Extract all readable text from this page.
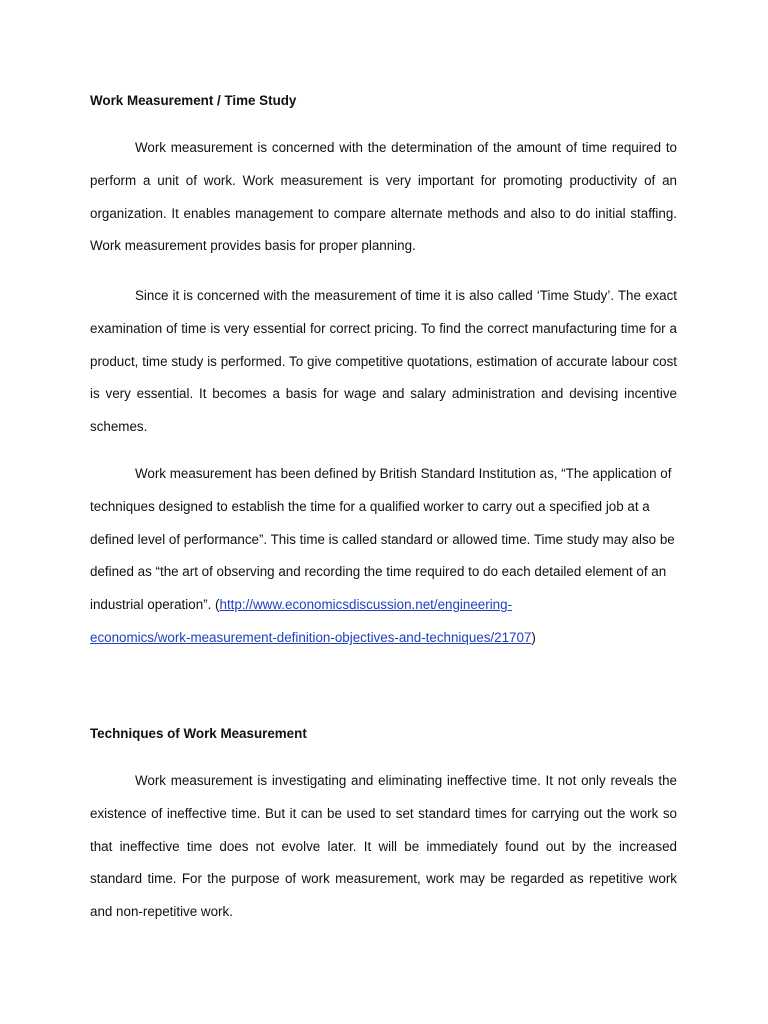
Work Measurement / Time Study

Work measurement is concerned with the determination of the amount of time required to perform a unit of work. Work measurement is very important for promoting productivity of an organization. It enables management to compare alternate methods and also to do initial staffing. Work measurement provides basis for proper planning.

Since it is concerned with the measurement of time it is also called ‘Time Study’. The exact examination of time is very essential for correct pricing. To find the correct manufacturing time for a product, time study is performed. To give competitive quotations, estimation of accurate labour cost is very essential. It becomes a basis for wage and salary administration and devising incentive schemes.

Work measurement has been defined by British Standard Institution as, “The application of techniques designed to establish the time for a qualified worker to carry out a specified job at a defined level of performance”. This time is called standard or allowed time. Time study may also be defined as “the art of observing and recording the time required to do each detailed element of an industrial operation”. (http://www.economicsdiscussion.net/engineering-
economics/work-measurement-definition-objectives-and-techniques/21707)

Techniques of Work Measurement

Work measurement is investigating and eliminating ineffective time. It not only reveals the existence of ineffective time. But it can be used to set standard times for carrying out the work so that ineffective time does not evolve later. It will be immediately found out by the increased standard time. For the purpose of work measurement, work may be regarded as repetitive work and non-repetitive work.
